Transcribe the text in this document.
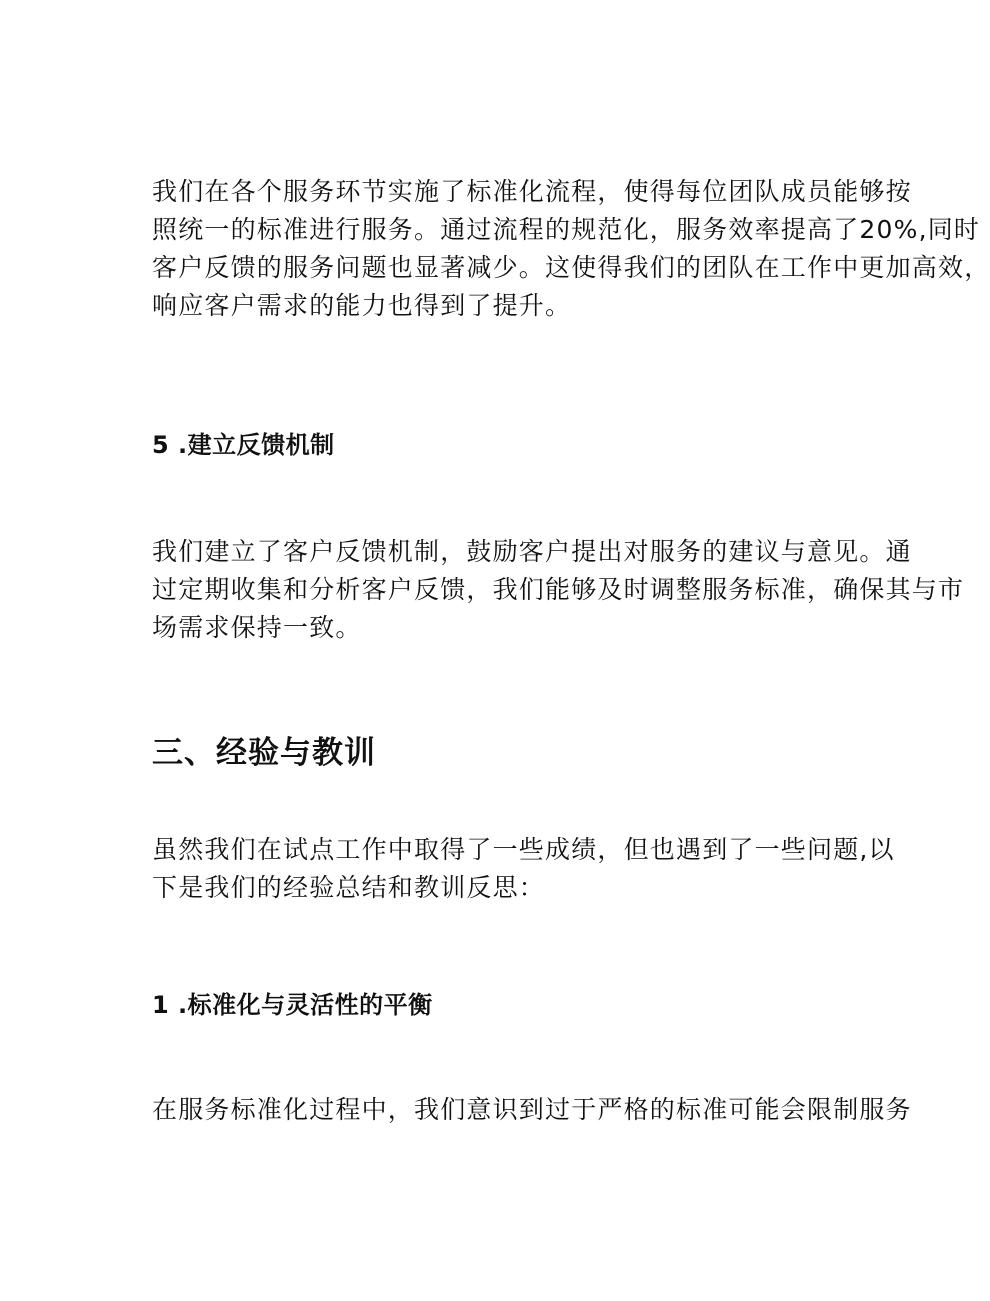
我们在各个服务环节实施了标准化流程，使得每位团队成员能够按
照统一的标准进行服务。通过流程的规范化，服务效率提高了20%,同时
客户反馈的服务问题也显著减少。这使得我们的团队在工作中更加高效，
响应客户需求的能力也得到了提升。

5 .建立反馈机制

我们建立了客户反馈机制，鼓励客户提出对服务的建议与意见。通
过定期收集和分析客户反馈，我们能够及时调整服务标准，确保其与市
场需求保持一致。

三、经验与教训

虽然我们在试点工作中取得了一些成绩，但也遇到了一些问题,以
下是我们的经验总结和教训反思：

1 .标准化与灵活性的平衡

在服务标准化过程中，我们意识到过于严格的标准可能会限制服务
